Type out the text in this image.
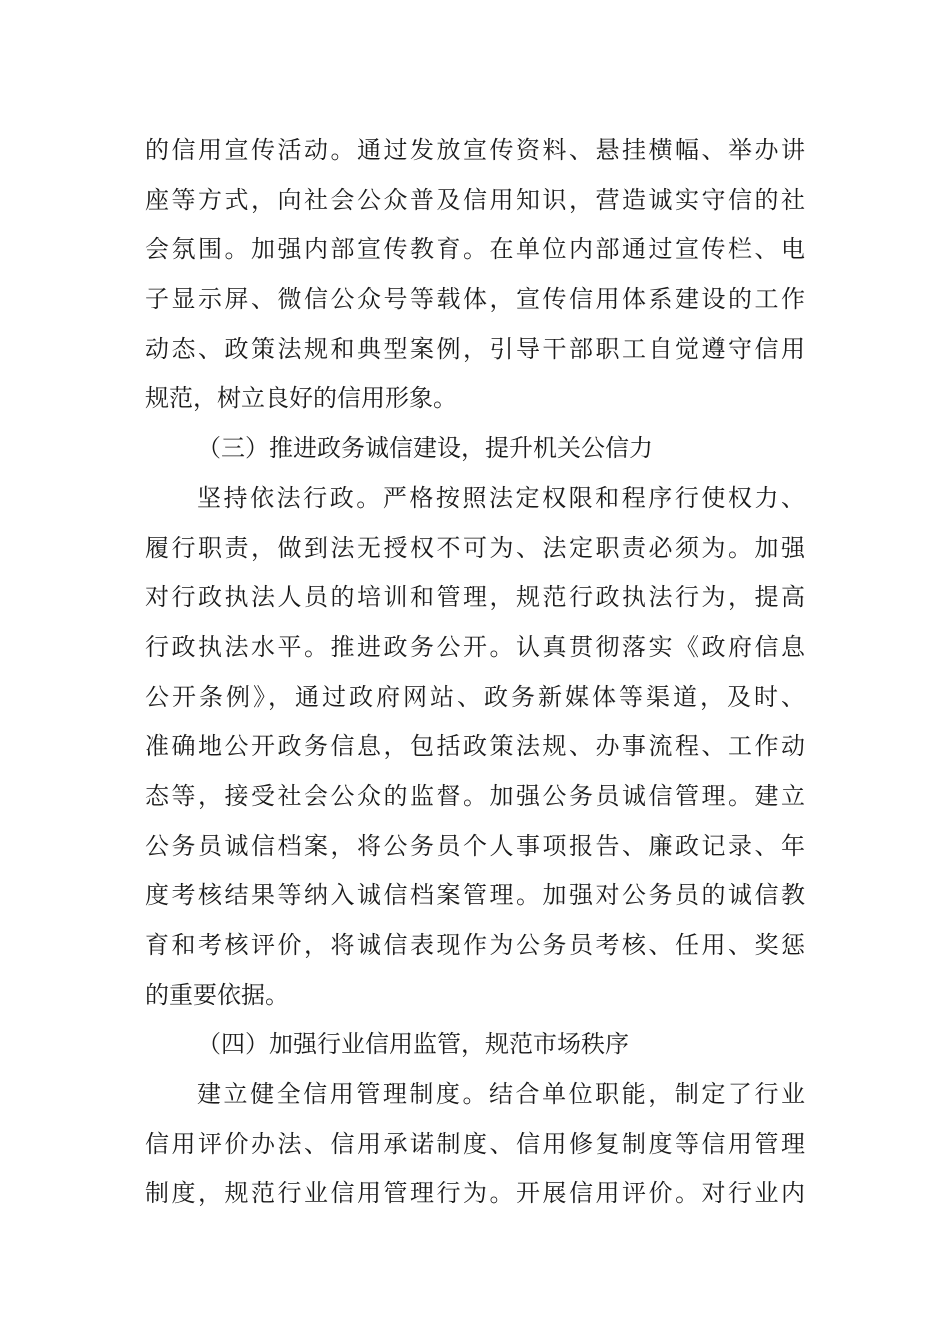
的信用宣传活动。通过发放宣传资料、悬挂横幅、举办讲
座等方式，向社会公众普及信用知识，营造诚实守信的社
会氛围。加强内部宣传教育。在单位内部通过宣传栏、电
子显示屏、微信公众号等载体，宣传信用体系建设的工作
动态、政策法规和典型案例，引导干部职工自觉遵守信用
规范，树立良好的信用形象。
（三）推进政务诚信建设，提升机关公信力
坚持依法行政。严格按照法定权限和程序行使权力、
履行职责，做到法无授权不可为、法定职责必须为。加强
对行政执法人员的培训和管理，规范行政执法行为，提高
行政执法水平。推进政务公开。认真贯彻落实《政府信息
公开条例》，通过政府网站、政务新媒体等渠道，及时、
准确地公开政务信息，包括政策法规、办事流程、工作动
态等，接受社会公众的监督。加强公务员诚信管理。建立
公务员诚信档案，将公务员个人事项报告、廉政记录、年
度考核结果等纳入诚信档案管理。加强对公务员的诚信教
育和考核评价，将诚信表现作为公务员考核、任用、奖惩
的重要依据。
（四）加强行业信用监管，规范市场秩序
建立健全信用管理制度。结合单位职能，制定了行业
信用评价办法、信用承诺制度、信用修复制度等信用管理
制度，规范行业信用管理行为。开展信用评价。对行业内
